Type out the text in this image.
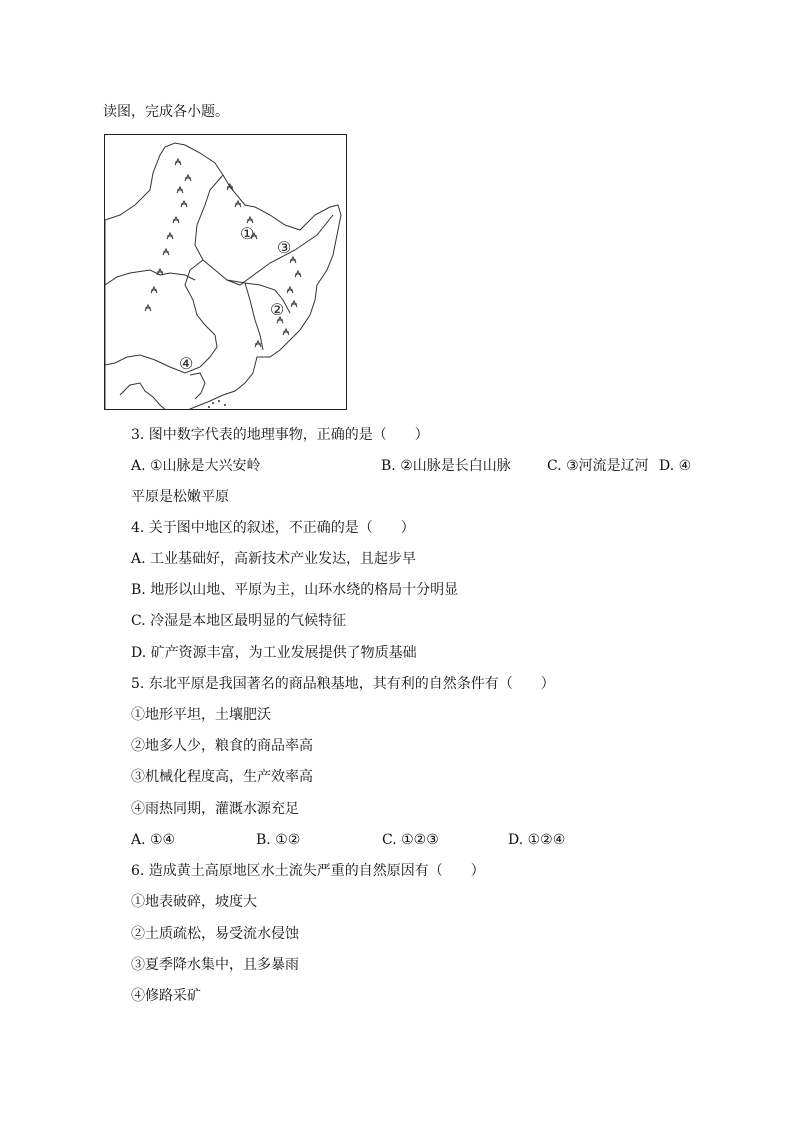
读图，完成各小题。
①
②
③
④
3. 图中数字代表的地理事物，正确的是（　　）
A. ①山脉是大兴安岭	B. ②山脉是长白山脉	C. ③河流是辽河 D. ④
平原是松嫩平原
4. 关于图中地区的叙述，不正确的是（　　）
A. 工业基础好，高新技术产业发达，且起步早
B. 地形以山地、平原为主，山环水绕的格局十分明显
C. 冷湿是本地区最明显的气候特征
D. 矿产资源丰富，为工业发展提供了物质基础
5. 东北平原是我国著名的商品粮基地，其有利的自然条件有（　　）
①地形平坦，土壤肥沃
②地多人少，粮食的商品率高
③机械化程度高，生产效率高
④雨热同期，灌溉水源充足
A. ①④	B. ①②	C. ①②③	D. ①②④
6. 造成黄土高原地区水土流失严重的自然原因有（　　）
①地表破碎，坡度大
②土质疏松，易受流水侵蚀
③夏季降水集中，且多暴雨
④修路采矿
